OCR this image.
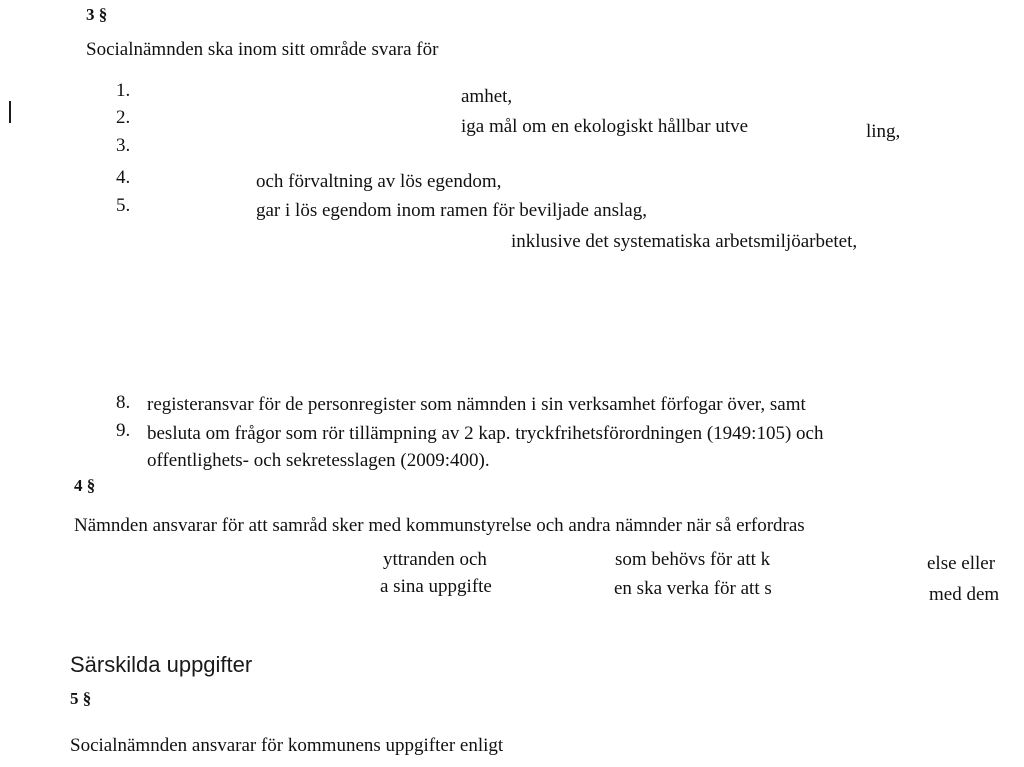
3 §
Socialnämnden ska inom sitt område svara för
1.
2.
3.
4.
5.
amhet,
iga mål om en ekologiskt hållbar utve	ling,
och förvaltning av lös egendom,
gar i lös egendom inom ramen för beviljade anslag,
inklusive det systematiska arbetsmiljöarbetet,
8. registeransvar för de personregister som nämnden i sin verksamhet förfogar över, samt
9. besluta om frågor som rör tillämpning av 2 kap. tryckfrihetsförordningen (1949:105) och
offentlighets- och sekretesslagen (2009:400).
4 §
Nämnden ansvarar för att samråd sker med kommunstyrelse och andra nämnder när så erfordras
yttranden och	som behövs för att k	else eller
a sina uppgifte	en ska verka för att s	med dem
Särskilda uppgifter
5 §
Socialnämnden ansvarar för kommunens uppgifter enligt
